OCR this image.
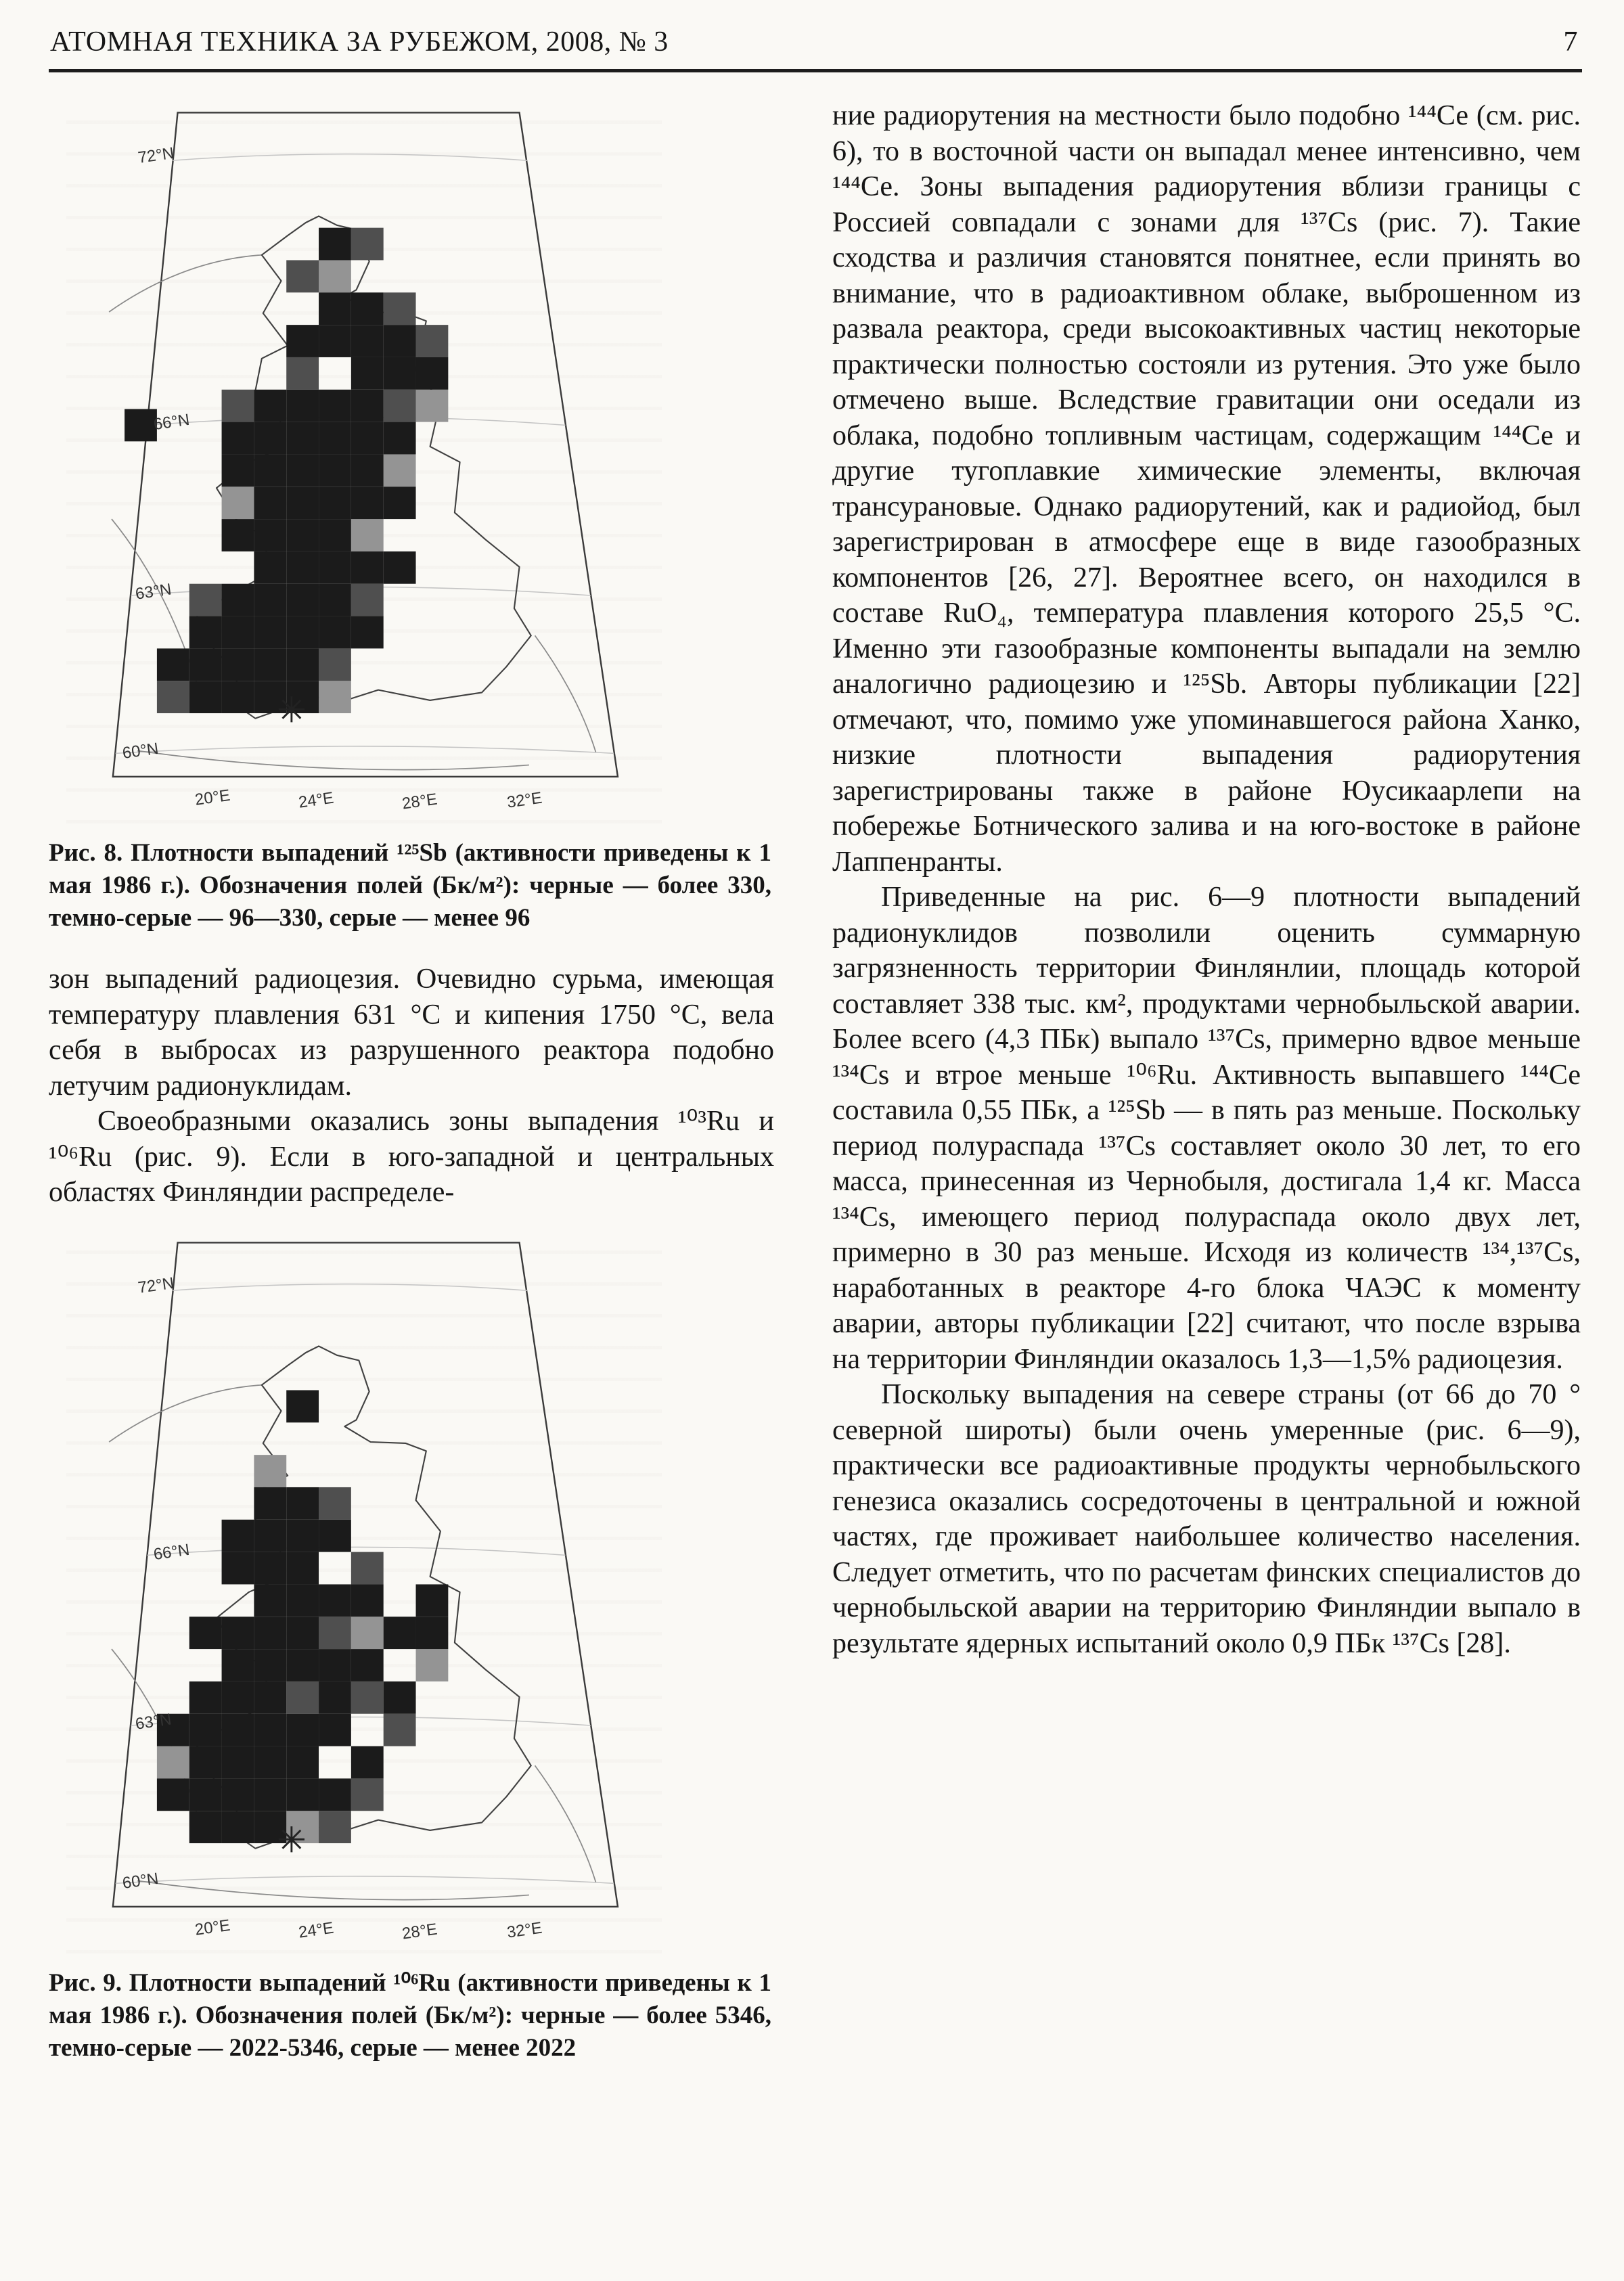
АТОМНАЯ ТЕХНИКА ЗА РУБЕЖОМ, 2008, № 3	7
72°N
66°N
63°N
60°N
20°E	24°E	28°E	32°E
Рис. 8. Плотности выпадений ¹²⁵Sb (активности приведены к 1 мая 1986 г.). Обозначения полей (Бк/м²): черные — более 330, темно-серые — 96—330, серые — менее 96

зон выпадений радиоцезия. Очевидно сурьма, имеющая температуру плавления 631 °С и кипения 1750 °С, вела себя в выбросах из разрушенного реактора подобно летучим радионуклидам.

Своеобразными оказались зоны выпадения ¹⁰³Ru и ¹⁰⁶Ru (рис. 9). Если в юго-западной и центральных областях Финляндии распределе-

72°N
66°N
63°N
60°N
20°E	24°E	28°E	32°E
Рис. 9. Плотности выпадений ¹⁰⁶Ru (активности приведены к 1 мая 1986 г.). Обозначения полей (Бк/м²): черные — более 5346, темно-серые — 2022-5346, серые — менее 2022

ние радиорутения на местности было подобно ¹⁴⁴Се (см. рис. 6), то в восточной части он выпадал менее интенсивно, чем ¹⁴⁴Се. Зоны выпадения радиорутения вблизи границы с Россией совпадали с зонами для ¹³⁷Cs (рис. 7). Такие сходства и различия становятся понятнее, если принять во внимание, что в радиоактивном облаке, выброшенном из развала реактора, среди высокоактивных частиц некоторые практически полностью состояли из рутения. Это уже было отмечено выше. Вследствие гравитации они оседали из облака, подобно топливным частицам, содержащим ¹⁴⁴Се и другие тугоплавкие химические элементы, включая трансурановые. Однако радиорутений, как и радиойод, был зарегистрирован в атмосфере еще в виде газообразных компонентов [26, 27]. Вероятнее всего, он находился в составе RuO₄, температура плавления которого 25,5 °С. Именно эти газообразные компоненты выпадали на землю аналогично радиоцезию и ¹²⁵Sb. Авторы публикации [22] отмечают, что, помимо уже упоминавшегося района Ханко, низкие плотности выпадения радиорутения зарегистрированы также в районе Юусикаарлепи на побережье Ботнического залива и на юго-востоке в районе Лаппенранты.

Приведенные на рис. 6—9 плотности выпадений радионуклидов позволили оценить суммарную загрязненность территории Финлянлии, площадь которой составляет 338 тыс. км², продуктами чернобыльской аварии. Более всего (4,3 ПБк) выпало ¹³⁷Cs, примерно вдвое меньше ¹³⁴Cs и втрое меньше ¹⁰⁶Ru. Активность выпавшего ¹⁴⁴Се составила 0,55 ПБк, а ¹²⁵Sb — в пять раз меньше. Поскольку период полураспада ¹³⁷Cs составляет около 30 лет, то его масса, принесенная из Чернобыля, достигала 1,4 кг. Масса ¹³⁴Cs, имеющего период полураспада около двух лет, примерно в 30 раз меньше. Исходя из количеств ¹³⁴,¹³⁷Cs, наработанных в реакторе 4-го блока ЧАЭС к моменту аварии, авторы публикации [22] считают, что после взрыва на территории Финляндии оказалось 1,3—1,5% радиоцезия.

Поскольку выпадения на севере страны (от 66 до 70 ° северной широты) были очень умеренные (рис. 6—9), практически все радиоактивные продукты чернобыльского генезиса оказались сосредоточены в центральной и южной частях, где проживает наибольшее количество населения. Следует отметить, что по расчетам финских специалистов до чернобыльской аварии на территорию Финляндии выпало в результате ядерных испытаний около 0,9 ПБк ¹³⁷Cs [28].
